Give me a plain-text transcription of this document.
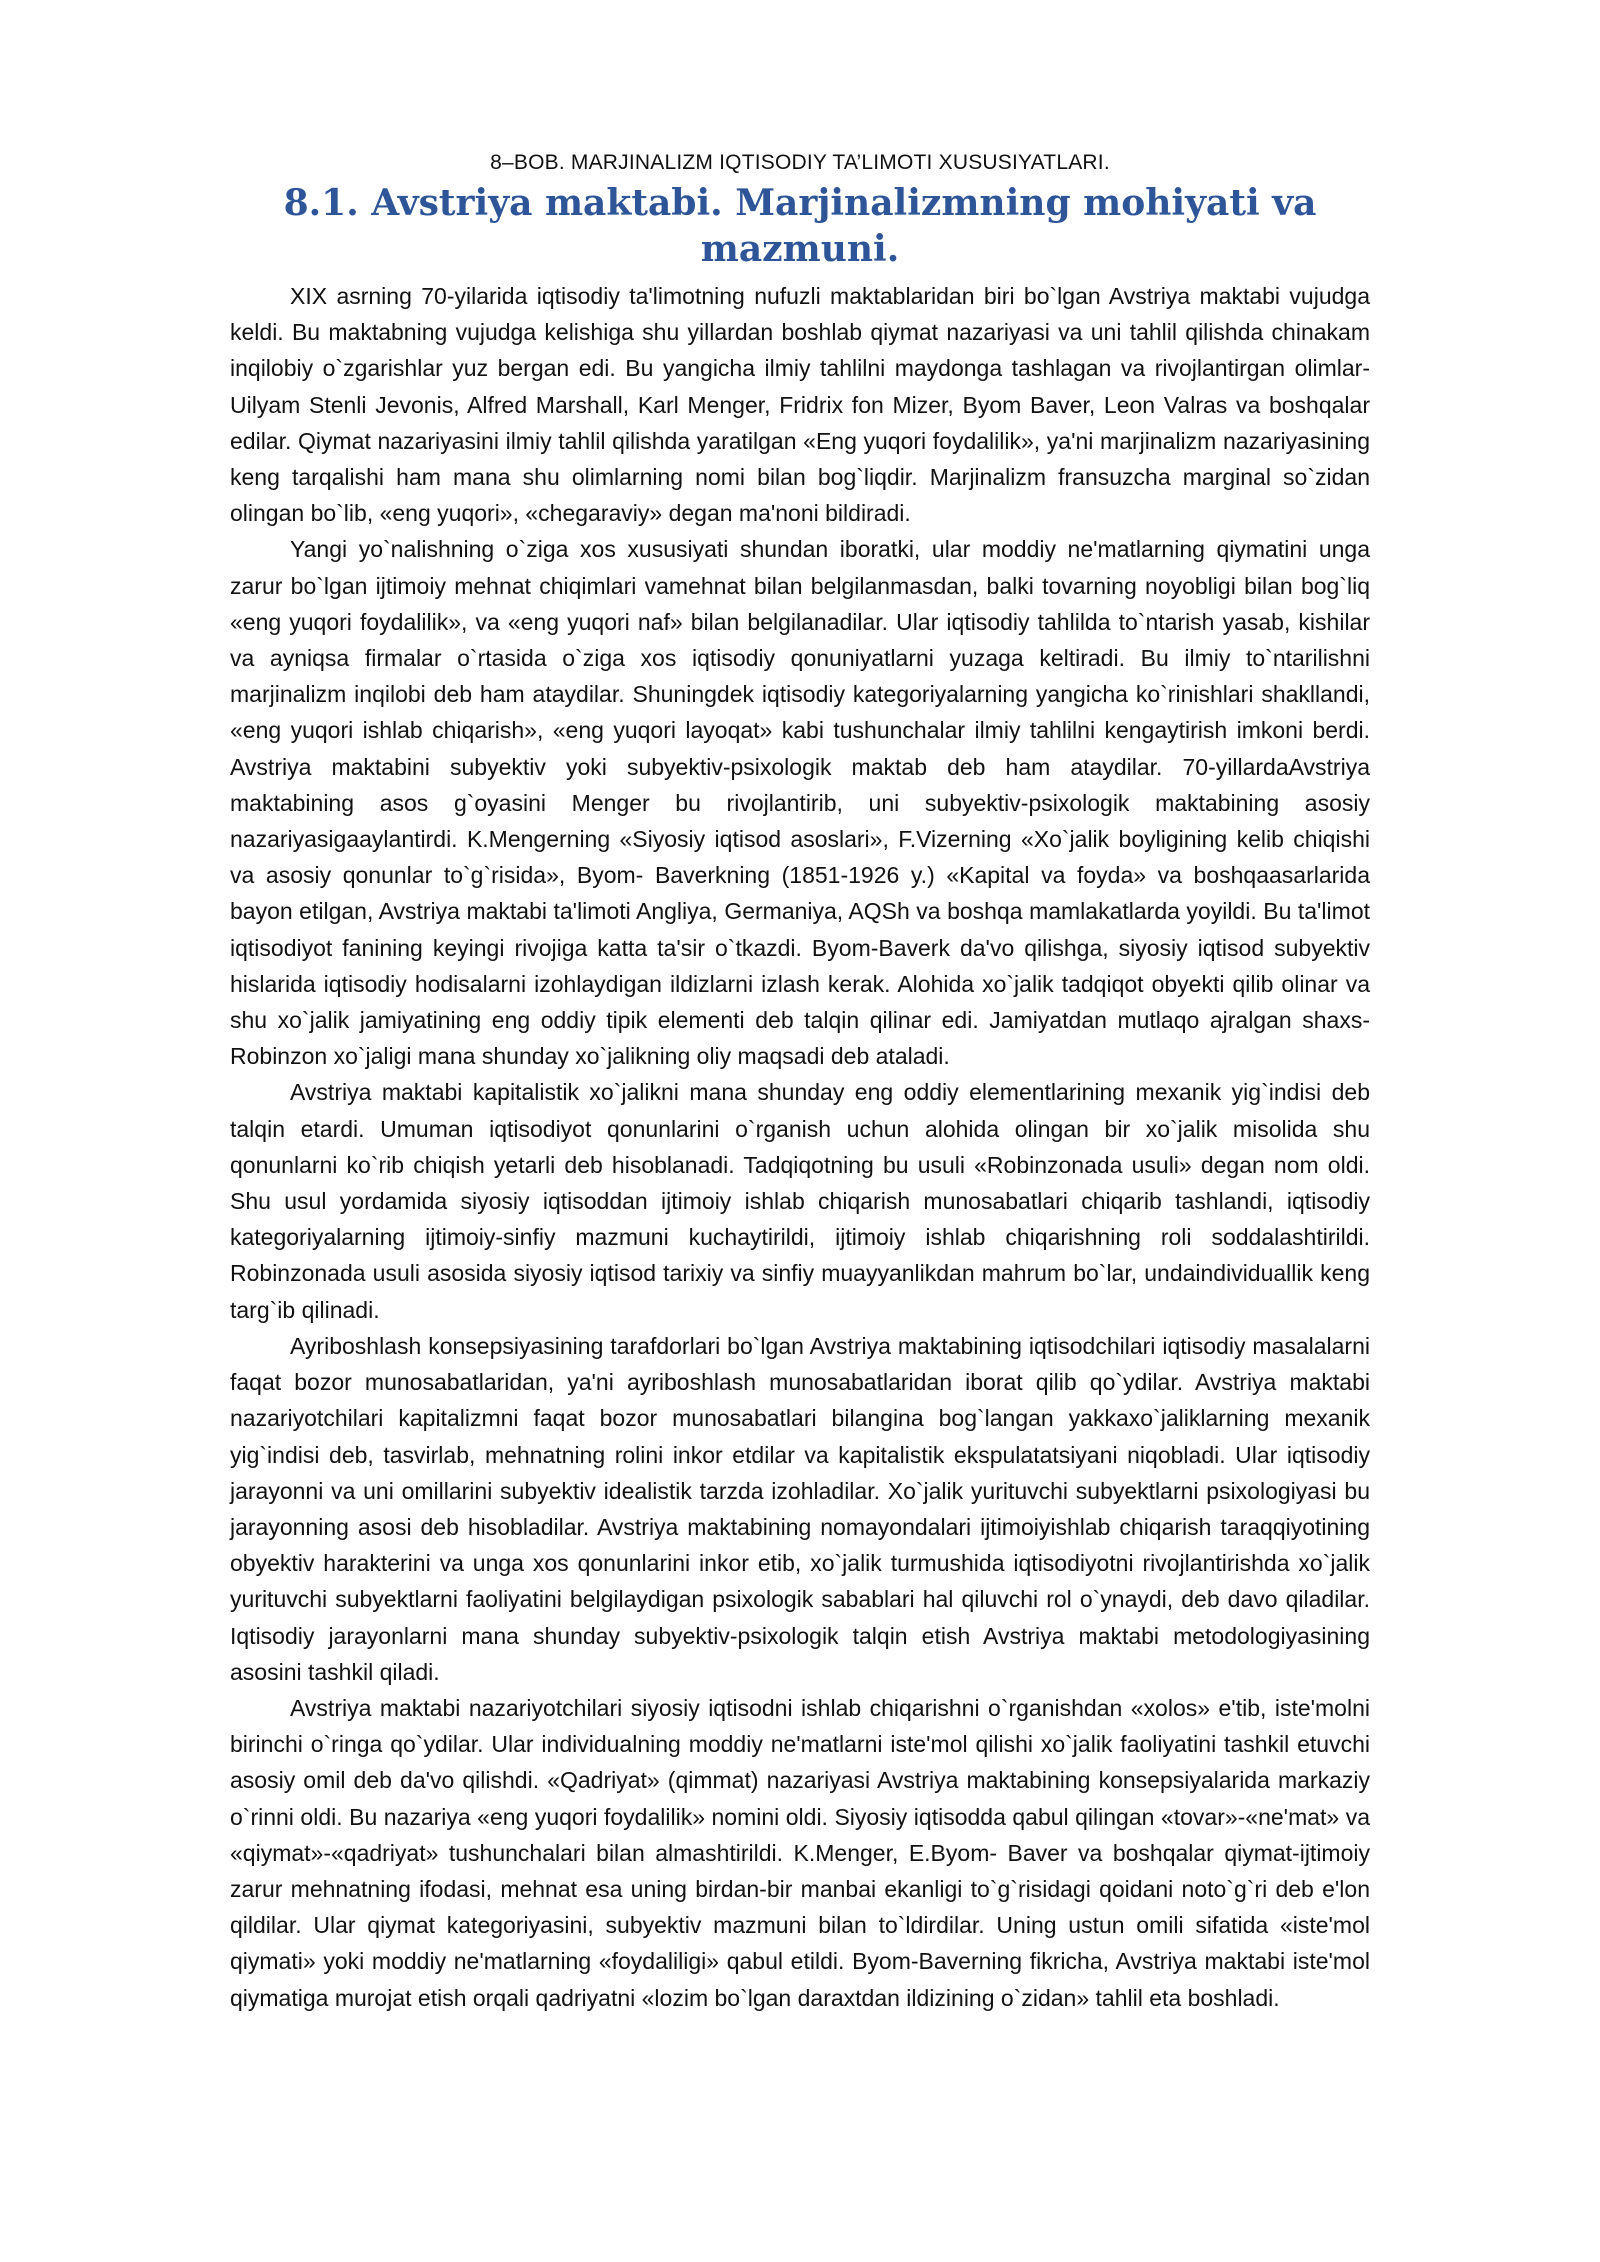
8–BOB. MARJINALIZM IQTISODIY TA’LIMOTI XUSUSIYATLARI.

8.1. Avstriya maktabi. Marjinalizmning mohiyati va mazmuni.

XIX asrning 70-yilarida iqtisodiy ta'limotning nufuzli maktablaridan biri bo`lgan Avstriya maktabi vujudga keldi. Bu maktabning vujudga kelishiga shu yillardan boshlab qiymat nazariyasi va uni tahlil qilishda chinakam inqilobiy o`zgarishlar yuz bergan edi. Bu yangicha ilmiy tahlilni maydonga tashlagan va rivojlantirgan olimlar- Uilyam Stenli Jevonis, Alfred Marshall, Karl Menger, Fridrix fon Mizer, Byom Baver, Leon Valras va boshqalar edilar. Qiymat nazariyasini ilmiy tahlil qilishda yaratilgan «Eng yuqori foydalilik», ya'ni marjinalizm nazariyasining keng tarqalishi ham mana shu olimlarning nomi bilan bog`liqdir. Marjinalizm fransuzcha marginal so`zidan olingan bo`lib, «eng yuqori», «chegaraviy» degan ma'noni bildiradi.

Yangi yo`nalishning o`ziga xos xususiyati shundan iboratki, ular moddiy ne'matlarning qiymatini unga zarur bo`lgan ijtimoiy mehnat chiqimlari vamehnat bilan belgilanmasdan, balki tovarning noyobligi bilan bog`liq «eng yuqori foydalilik», va «eng yuqori naf» bilan belgilanadilar. Ular iqtisodiy tahlilda to`ntarish yasab, kishilar va ayniqsa firmalar o`rtasida o`ziga xos iqtisodiy qonuniyatlarni yuzaga keltiradi. Bu ilmiy to`ntarilishni marjinalizm inqilobi deb ham ataydilar. Shuningdek iqtisodiy kategoriyalarning yangicha ko`rinishlari shakllandi, «eng yuqori ishlab chiqarish», «eng yuqori layoqat» kabi tushunchalar ilmiy tahlilni kengaytirish imkoni berdi. Avstriya maktabini subyektiv yoki subyektiv-psixologik maktab deb ham ataydilar. 70-yillardaAvstriya maktabining asos g`oyasini Menger bu rivojlantirib, uni subyektiv-psixologik maktabining asosiy nazariyasigaaylantirdi. K.Mengerning «Siyosiy iqtisod asoslari», F.Vizerning «Xo`jalik boyligining kelib chiqishi va asosiy qonunlar to`g`risida», Byom- Baverkning (1851-1926 y.) «Kapital va foyda» va boshqaasarlarida bayon etilgan, Avstriya maktabi ta'limoti Angliya, Germaniya, AQSh va boshqa mamlakatlarda yoyildi. Bu ta'limot iqtisodiyot fanining keyingi rivojiga katta ta'sir o`tkazdi. Byom-Baverk da'vo qilishga, siyosiy iqtisod subyektiv hislarida iqtisodiy hodisalarni izohlaydigan ildizlarni izlash kerak. Alohida xo`jalik tadqiqot obyekti qilib olinar va shu xo`jalik jamiyatining eng oddiy tipik elementi deb talqin qilinar edi. Jamiyatdan mutlaqo ajralgan shaxs- Robinzon xo`jaligi mana shunday xo`jalikning oliy maqsadi deb ataladi.

Avstriya maktabi kapitalistik xo`jalikni mana shunday eng oddiy elementlarining mexanik yig`indisi deb talqin etardi. Umuman iqtisodiyot qonunlarini o`rganish uchun alohida olingan bir xo`jalik misolida shu qonunlarni ko`rib chiqish yetarli deb hisoblanadi. Tadqiqotning bu usuli «Robinzonada usuli» degan nom oldi. Shu usul yordamida siyosiy iqtisoddan ijtimoiy ishlab chiqarish munosabatlari chiqarib tashlandi, iqtisodiy kategoriyalarning ijtimoiy-sinfiy mazmuni kuchaytirildi, ijtimoiy ishlab chiqarishning roli soddalashtirildi. Robinzonada usuli asosida siyosiy iqtisod tarixiy va sinfiy muayyanlikdan mahrum bo`lar, undaindividuallik keng targ`ib qilinadi.

Ayriboshlash konsepsiyasining tarafdorlari bo`lgan Avstriya maktabining iqtisodchilari iqtisodiy masalalarni faqat bozor munosabatlaridan, ya'ni ayriboshlash munosabatlaridan iborat qilib qo`ydilar. Avstriya maktabi nazariyotchilari kapitalizmni faqat bozor munosabatlari bilangina bog`langan yakkaxo`jaliklarning mexanik yig`indisi deb, tasvirlab, mehnatning rolini inkor etdilar va kapitalistik ekspulatatsiyani niqobladi. Ular iqtisodiy jarayonni va uni omillarini subyektiv idealistik tarzda izohladilar. Xo`jalik yurituvchi subyektlarni psixologiyasi bu jarayonning asosi deb hisobladilar. Avstriya maktabining nomayondalari ijtimoiyishlab chiqarish taraqqiyotining obyektiv harakterini va unga xos qonunlarini inkor etib, xo`jalik turmushida iqtisodiyotni rivojlantirishda xo`jalik yurituvchi subyektlarni faoliyatini belgilaydigan psixologik sabablari hal qiluvchi rol o`ynaydi, deb davo qiladilar. Iqtisodiy jarayonlarni mana shunday subyektiv-psixologik talqin etish Avstriya maktabi metodologiyasining asosini tashkil qiladi.

Avstriya maktabi nazariyotchilari siyosiy iqtisodni ishlab chiqarishni o`rganishdan «xolos» e'tib, iste'molni birinchi o`ringa qo`ydilar. Ular individualning moddiy ne'matlarni iste'mol qilishi xo`jalik faoliyatini tashkil etuvchi asosiy omil deb da'vo qilishdi. «Qadriyat» (qimmat) nazariyasi Avstriya maktabining konsepsiyalarida markaziy o`rinni oldi. Bu nazariya «eng yuqori foydalilik» nomini oldi. Siyosiy iqtisodda qabul qilingan «tovar»-«ne'mat» va «qiymat»-«qadriyat» tushunchalari bilan almashtirildi. K.Menger, E.Byom- Baver va boshqalar qiymat-ijtimoiy zarur mehnatning ifodasi, mehnat esa uning birdan-bir manbai ekanligi to`g`risidagi qoidani noto`g`ri deb e'lon qildilar. Ular qiymat kategoriyasini, subyektiv mazmuni bilan to`ldirdilar. Uning ustun omili sifatida «iste'mol qiymati» yoki moddiy ne'matlarning «foydaliligi» qabul etildi. Byom-Baverning fikricha, Avstriya maktabi iste'mol qiymatiga murojat etish orqali qadriyatni «lozim bo`lgan daraxtdan ildizining o`zidan» tahlil eta boshladi.
